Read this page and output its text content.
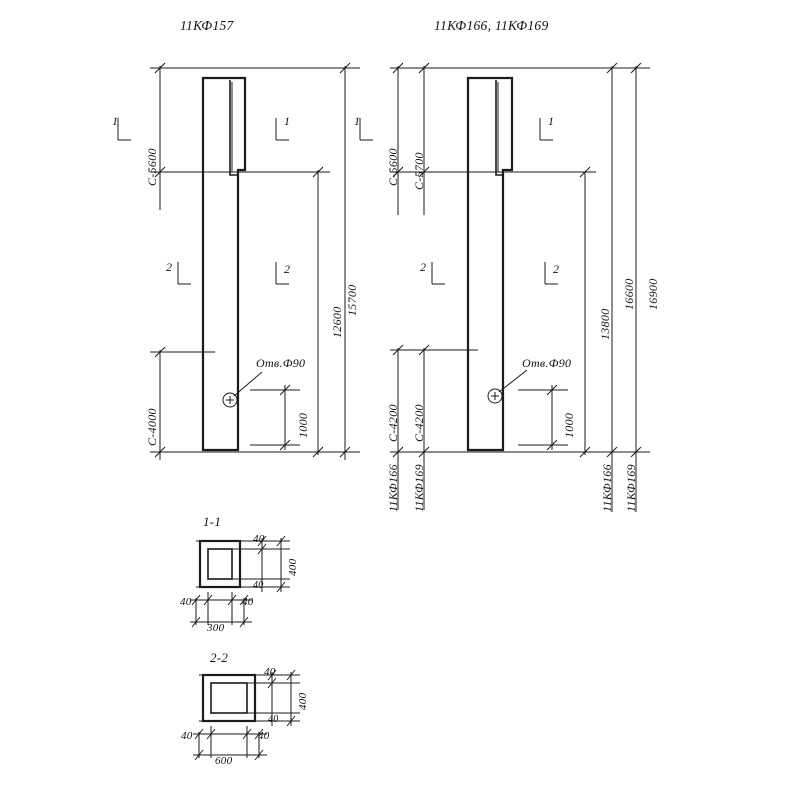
11КФ157	11КФ166, 11КФ169
С-5600
С-4000
12600
15700
Отв.Ф90
1000
1	1
2	2
С-5600 С-5700
С-4200 С-4200
11КФ166 11КФ169
13800
16600 16900
11КФ166 11КФ169
Отв.Ф90
1000
1	1
2	2
1-1
40
400
40	40
40
300
2-2
40
400
40	40
40
600
